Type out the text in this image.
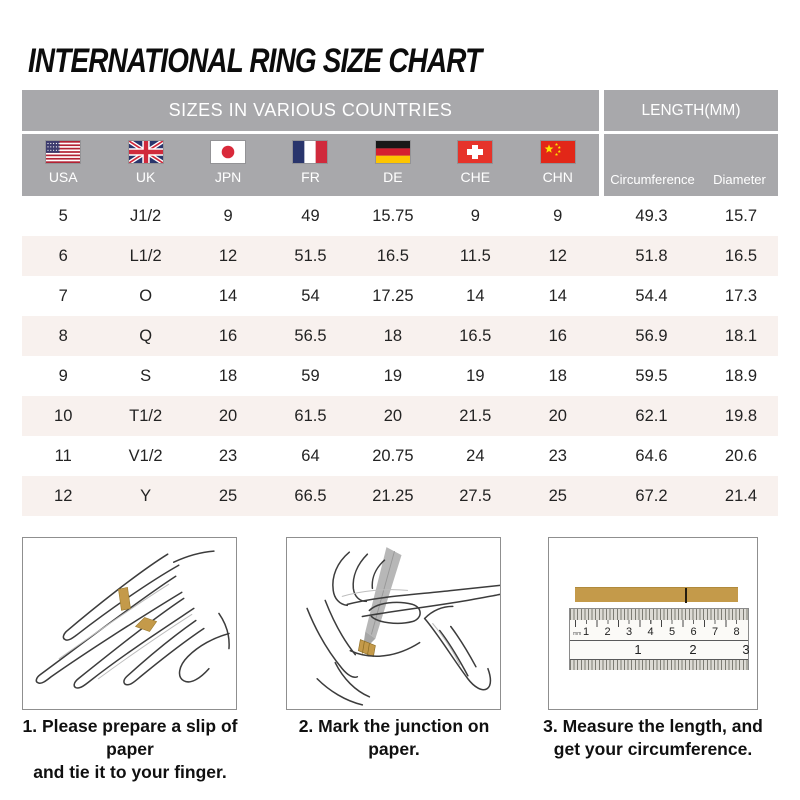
INTERNATIONAL RING SIZE CHART
SIZES IN VARIOUS COUNTRIES	LENGTH(MM)
USA	UK	JPN	FR	DE	CHE	CHN	Circumference	Diameter
5	J1/2	9	49	15.75	9	9	49.3	15.7
6	L1/2	12	51.5	16.5	11.5	12	51.8	16.5
7	O	14	54	17.25	14	14	54.4	17.3
8	Q	16	56.5	18	16.5	16	56.9	18.1
9	S	18	59	19	19	18	59.5	18.9
10	T1/2	20	61.5	20	21.5	20	62.1	19.8
11	V1/2	23	64	20.75	24	23	64.6	20.6
12	Y	25	66.5	21.25	27.5	25	67.2	21.4
mm 1 2 3 4 5 6 7 8
1	2	3
1. Please prepare a slip of paper
and tie it to your finger.
2. Mark the junction on paper.
3. Measure the length, and
get your circumference.
